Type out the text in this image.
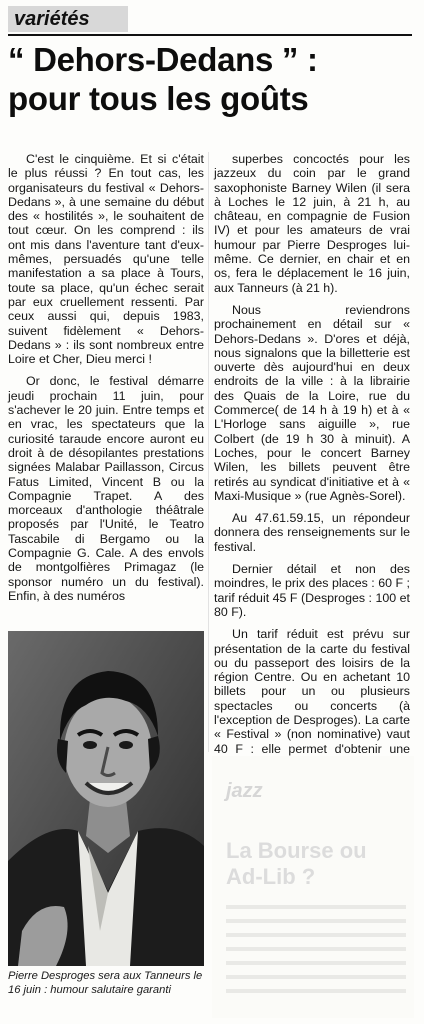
variétés
“ Dehors-Dedans ” :
pour tous les goûts

C'est le cinquième. Et si c'était le plus réussi ? En tout cas, les organisateurs du festival « Dehors-Dedans », à une semaine du début des « hostilités », le souhaitent de tout cœur. On les comprend : ils ont mis dans l'aventure tant d'eux-mêmes, persuadés qu'une telle manifestation a sa place à Tours, toute sa place, qu'un échec serait par eux cruellement ressenti. Par ceux aussi qui, depuis 1983, suivent fidèlement « Dehors-Dedans » : ils sont nombreux entre Loire et Cher, Dieu merci !

Or donc, le festival démarre jeudi prochain 11 juin, pour s'achever le 20 juin. Entre temps et en vrac, les spectateurs que la curiosité taraude encore auront eu droit à de désopilantes prestations signées Malabar Paillasson, Circus Fatus Limited, Vincent B ou la Compagnie Trapet. A des morceaux d'anthologie théâtrale proposés par l'Unité, le Teatro Tascabile di Bergamo ou la Compagnie G. Cale. A des envols de montgolfières Primagaz (le sponsor numéro un du festival). Enfin, à des numéros

superbes concoctés pour les jazzeux du coin par le grand saxophoniste Barney Wilen (il sera à Loches le 12 juin, à 21 h, au château, en compagnie de Fusion IV) et pour les amateurs de vrai humour par Pierre Desproges lui-même. Ce dernier, en chair et en os, fera le déplacement le 16 juin, aux Tanneurs (à 21 h).

Nous reviendrons prochainement en détail sur « Dehors-Dedans ». D'ores et déjà, nous signalons que la billetterie est ouverte dès aujourd'hui en deux endroits de la ville : à la librairie des Quais de la Loire, rue du Commerce( de 14 h à 19 h) et à « L'Horloge sans aiguille », rue Colbert (de 19 h 30 à minuit). A Loches, pour le concert Barney Wilen, les billets peuvent être retirés au syndicat d'initiative et à « Maxi-Musique » (rue Agnès-Sorel).

Au 47.61.59.15, un répondeur donnera des renseignements sur le festival.

Dernier détail et non des moindres, le prix des places : 60 F ; tarif réduit 45 F (Desproges : 100 et 80 F).

Un tarif réduit est prévu sur présentation de la carte du festival ou du passeport des loisirs de la région Centre. Ou en achetant 10 billets pour un ou plusieurs spectacles ou concerts (à l'exception de Desproges). La carte « Festival » (non nominative) vaut 40 F : elle permet d'obtenir une

Pierre Desproges sera aux Tanneurs le 16 juin : humour salutaire garanti
jazz
La Bourse ou Ad-Lib ?
